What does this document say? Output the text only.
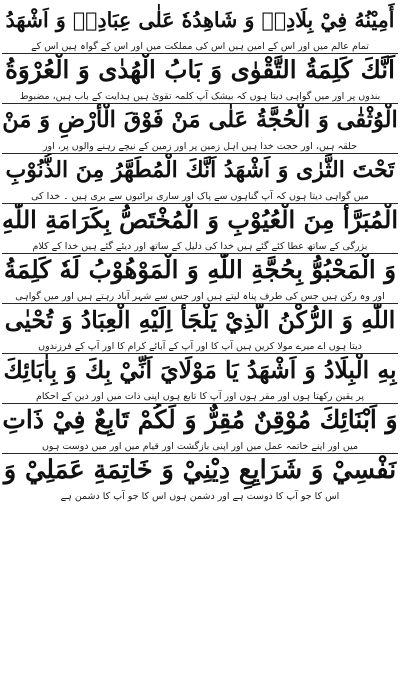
أَمِيْنُهُ فِيْ بِلَادِهٖ وَ شَاهِدُهٗ عَلٰى عِبَادِهٖ وَ اَشْهَدُ
تمام عالم میں اور اس کے امین ہیں اس کی مملکت میں اور اس کے گواہ ہیں اس کے
اَنَّكَ كَلِمَةُ التَّقْوٰى وَ بَابُ الْهُدٰى وَ الْعُرْوَةُ
بندوں پر اور میں گواہی دیتا ہوں کہ بیشک آپ کلمہ تقویٰ ہیں ہدایت کے باب ہیں، مضبوط
الْوُثْقٰى وَ الْحُجَّةُ عَلٰى مَنْ فَوْقَ الْأَرْضِ وَ مَنْ
حلقہ ہیں، اور حجت خدا ہیں اہل زمین پر اور زمین کے نیچے رہنے والوں پر، اور
تَحْتَ الثَّرٰى وَ اَشْهَدُ اَنَّكَ الْمُطَهَّرُ مِنَ الذُّنُوْبِ
میں گواہی دیتا ہوں کہ آپ گناہوں سے پاک اور ساری برائیوں سے بری ہیں ۔ خدا کی
الْمُبَرَّأُ مِنَ الْعُيُوْبِ وَ الْمُخْتَصُّ بِكَرَامَةِ اللّٰهِ
بزرگی کے ساتھ عطا کئے گئے ہیں خدا کی دلیل کے ساتھ اور دیئے گئے ہیں خدا کے کلام
وَ الْمَحْبُوُّ بِحُجَّةِ اللّٰهِ وَ الْمَوْهُوْبُ لَهٗ كَلِمَةُ
اور وہ رکن ہیں جس کی طرف پناہ لیتے ہیں اور جس سے شہر آباد رہتے ہیں اور میں گواہی
اللّٰهِ وَ الرُّكْنُ الَّذِيْ يَلْجَأُ اِلَيْهِ الْعِبَادُ وَ تُحْيٰى
دیتا ہوں اے میرے مولا کریں ہیں آپ کا اور آپ کے آبائے کرام کا اور آپ کے فرزندوں
بِهِ الْبِلَادُ وَ اَشْهَدُ يَا مَوْلَايَ اَنِّيْ بِكَ وَ بِاٰبَائِكَ
پر یقین رکھتا ہوں اور مقر ہوں اور آپ کا تابع ہوں اپنی ذات میں اور دین کے احکام
وَ اَبْنَائِكَ مُوْقِنٌ مُقِرٌّ وَ لَكُمْ تَابِعٌ فِيْ ذَاتِ
میں اور اپنے خاتمہ عمل میں اور اپنی بازگشت اور قیام میں اور میں دوست ہوں
نَفْسِيْ وَ شَرَايِعِ دِيْنِيْ وَ خَاتِمَةِ عَمَلِيْ وَ
اس کا جو آپ کا دوست ہے اور دشمن ہوں اس کا جو آپ کا دشمن ہے
